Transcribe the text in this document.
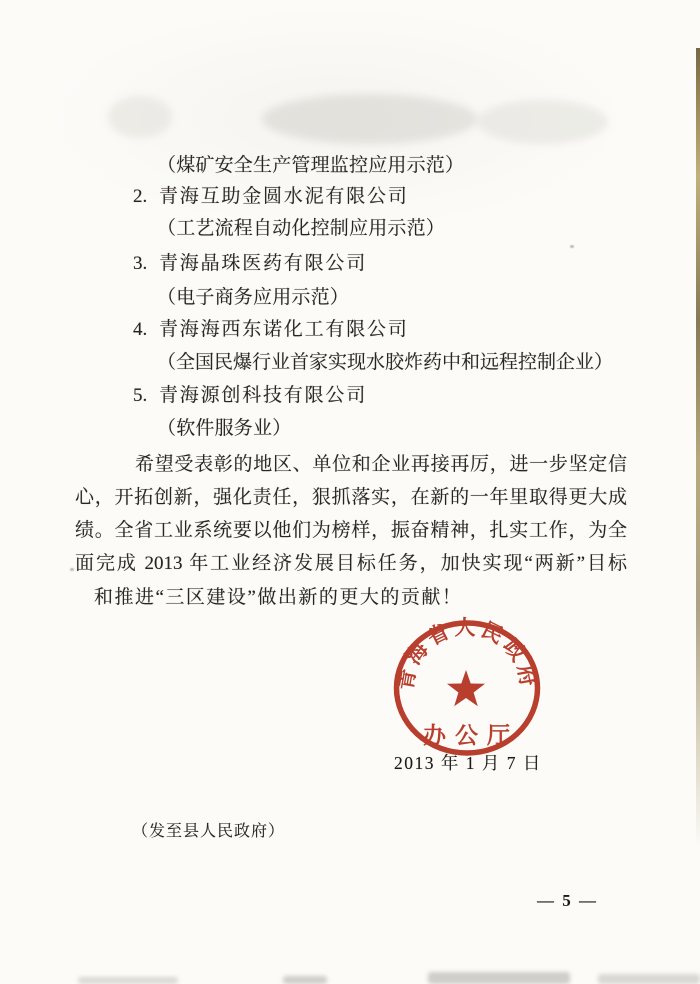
（煤矿安全生产管理监控应用示范）
2. 青海互助金圆水泥有限公司
（工艺流程自动化控制应用示范）
3. 青海晶珠医药有限公司
（电子商务应用示范）
4. 青海海西东诺化工有限公司
（全国民爆行业首家实现水胶炸药中和远程控制企业）
5. 青海源创科技有限公司
（软件服务业）
希望受表彰的地区、单位和企业再接再厉，进一步坚定信
心，开拓创新，强化责任，狠抓落实，在新的一年里取得更大成
绩。全省工业系统要以他们为榜样，振奋精神，扎实工作，为全
面完成 2013 年工业经济发展目标任务，加快实现“两新”目标
和推进“三区建设”做出新的更大的贡献！
2013 年 1 月 7 日
青海省人民政府
办公厅
（发至县人民政府）
— 5 —
